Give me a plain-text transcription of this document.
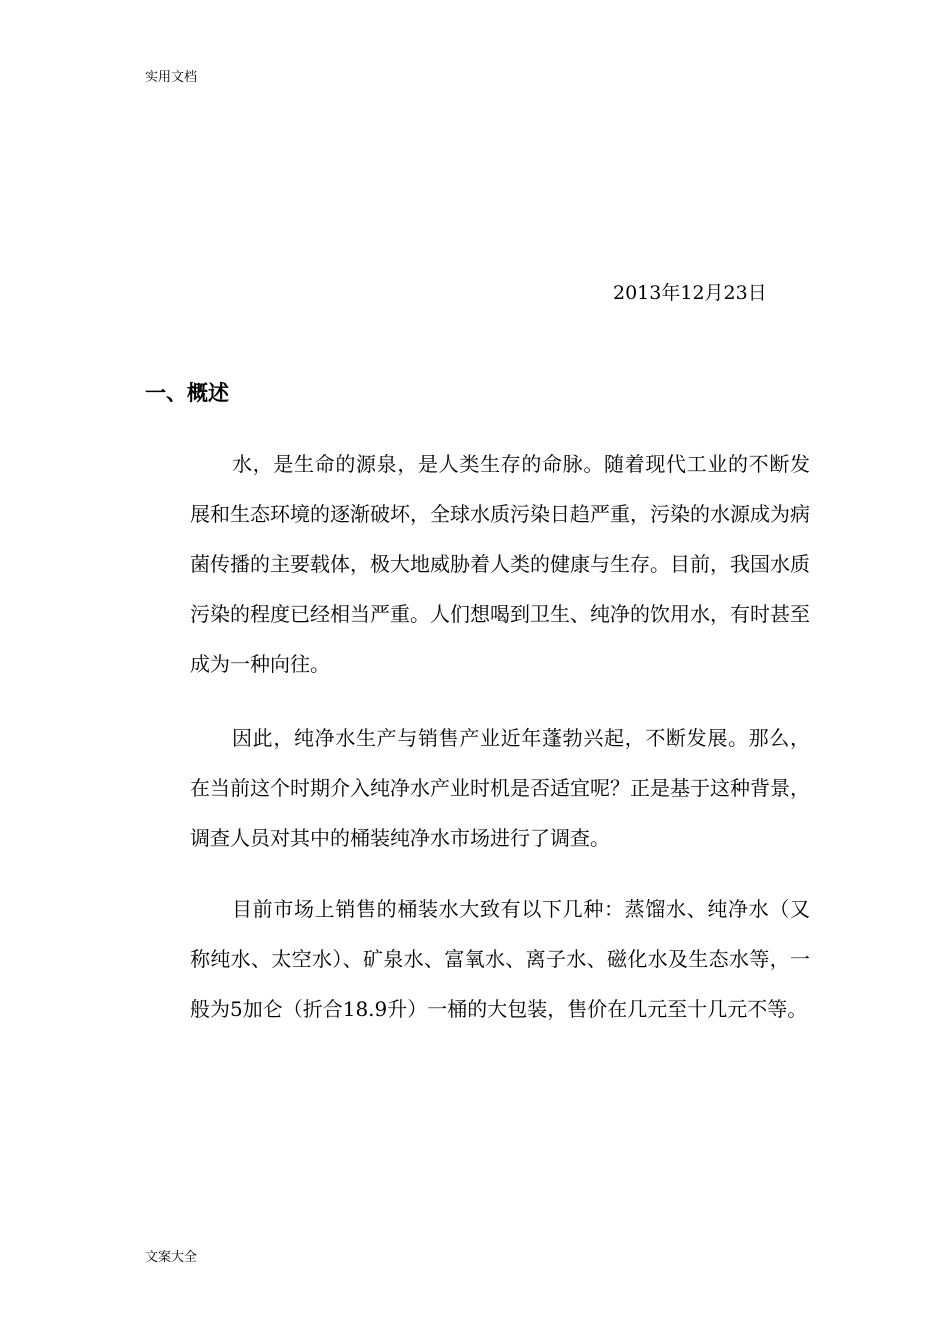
实用文档
2013年12月23日
一、概述

水，是生命的源泉，是人类生存的命脉。随着现代工业的不断发展和生态环境的逐渐破坏，全球水质污染日趋严重，污染的水源成为病菌传播的主要载体，极大地威胁着人类的健康与生存。目前，我国水质污染的程度已经相当严重。人们想喝到卫生、纯净的饮用水，有时甚至成为一种向往。

因此，纯净水生产与销售产业近年蓬勃兴起，不断发展。那么，在当前这个时期介入纯净水产业时机是否适宜呢？正是基于这种背景，调查人员对其中的桶装纯净水市场进行了调查。

目前市场上销售的桶装水大致有以下几种：蒸馏水、纯净水（又称纯水、太空水）、矿泉水、富氧水、离子水、磁化水及生态水等，一般为5加仑（折合18.9升）一桶的大包装，售价在几元至十几元不等。

文案大全
